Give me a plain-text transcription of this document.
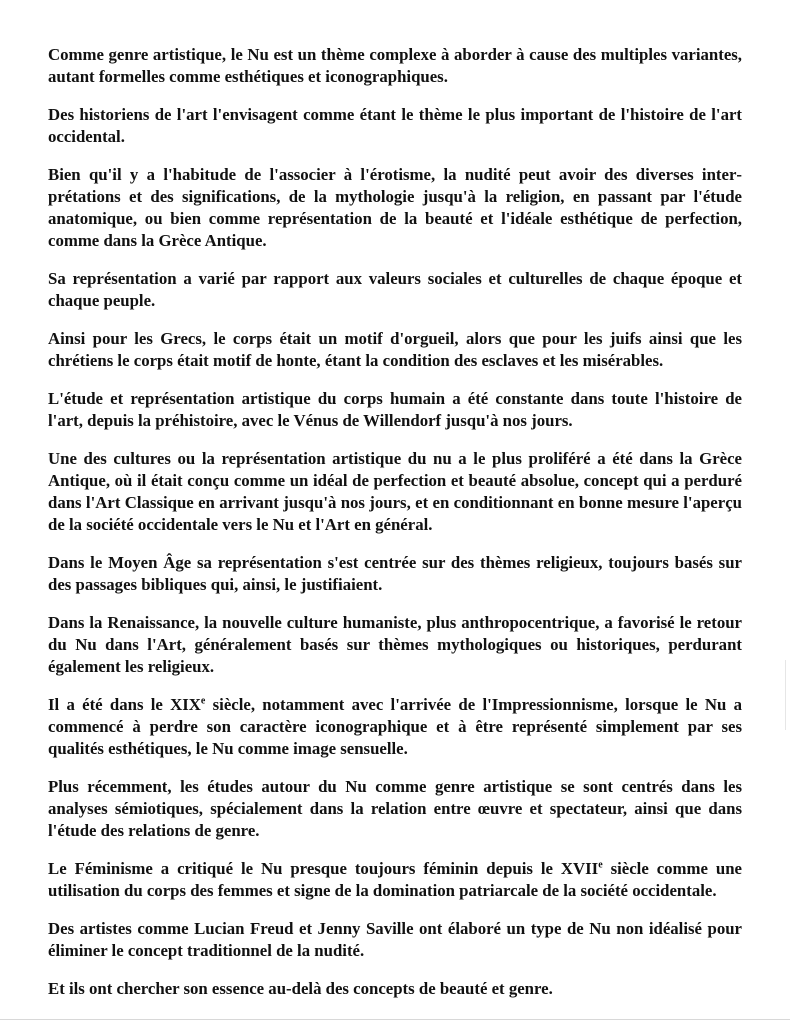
Comme genre artistique, le Nu est un thème complexe à aborder à cause des multiples variantes, autant formelles comme esthétiques et iconographiques.

Des historiens de l'art l'envisagent comme étant le thème le plus important de l'histoire de l'art occidental.

Bien qu'il y a l'habitude de l'associer à l'érotisme, la nudité peut avoir des diverses interprétations et des significations, de la mythologie jusqu'à la religion, en passant par l'étude anatomique, ou bien comme représentation de la beauté et l'idéale esthétique de perfection, comme dans la Grèce Antique.

Sa représentation a varié par rapport aux valeurs sociales et culturelles de chaque époque et chaque peuple.

Ainsi pour les Grecs, le corps était un motif d'orgueil, alors que pour les juifs ainsi que les chrétiens le corps était motif de honte, étant la condition des esclaves et les misérables.

L'étude et représentation artistique du corps humain a été constante dans toute l'histoire de l'art, depuis la préhistoire, avec le Vénus de Willendorf jusqu'à nos jours.

Une des cultures ou la représentation artistique du nu a le plus proliféré a été dans la Grèce Antique, où il était conçu comme un idéal de perfection et beauté absolue, concept qui a perduré dans l'Art Classique en arrivant jusqu'à nos jours, et en conditionnant en bonne mesure l'aperçu de la société occidentale vers le Nu et l'Art en général.

Dans le Moyen Âge sa représentation s'est centrée sur des thèmes religieux, toujours basés sur des passages bibliques qui, ainsi, le justifiaient.

Dans la Renaissance, la nouvelle culture humaniste, plus anthropocentrique, a favorisé le retour du Nu dans l'Art, généralement basés sur thèmes mythologiques ou historiques, perdurant également les religieux.

Il a été dans le XIXe siècle, notamment avec l'arrivée de l'Impressionnisme, lorsque le Nu a commencé à perdre son caractère iconographique et à être représenté simplement par ses qualités esthétiques, le Nu comme image sensuelle.

Plus récemment, les études autour du Nu comme genre artistique se sont centrés dans les analyses sémiotiques, spécialement dans la relation entre œuvre et spectateur, ainsi que dans l'étude des relations de genre.

Le Féminisme a critiqué le Nu presque toujours féminin depuis le XVIIe siècle comme une utilisation du corps des femmes et signe de la domination patriarcale de la société occidentale.

Des artistes comme Lucian Freud et Jenny Saville ont élaboré un type de Nu non idéalisé pour éliminer le concept traditionnel de la nudité.

Et ils ont chercher son essence au-delà des concepts de beauté et genre.
